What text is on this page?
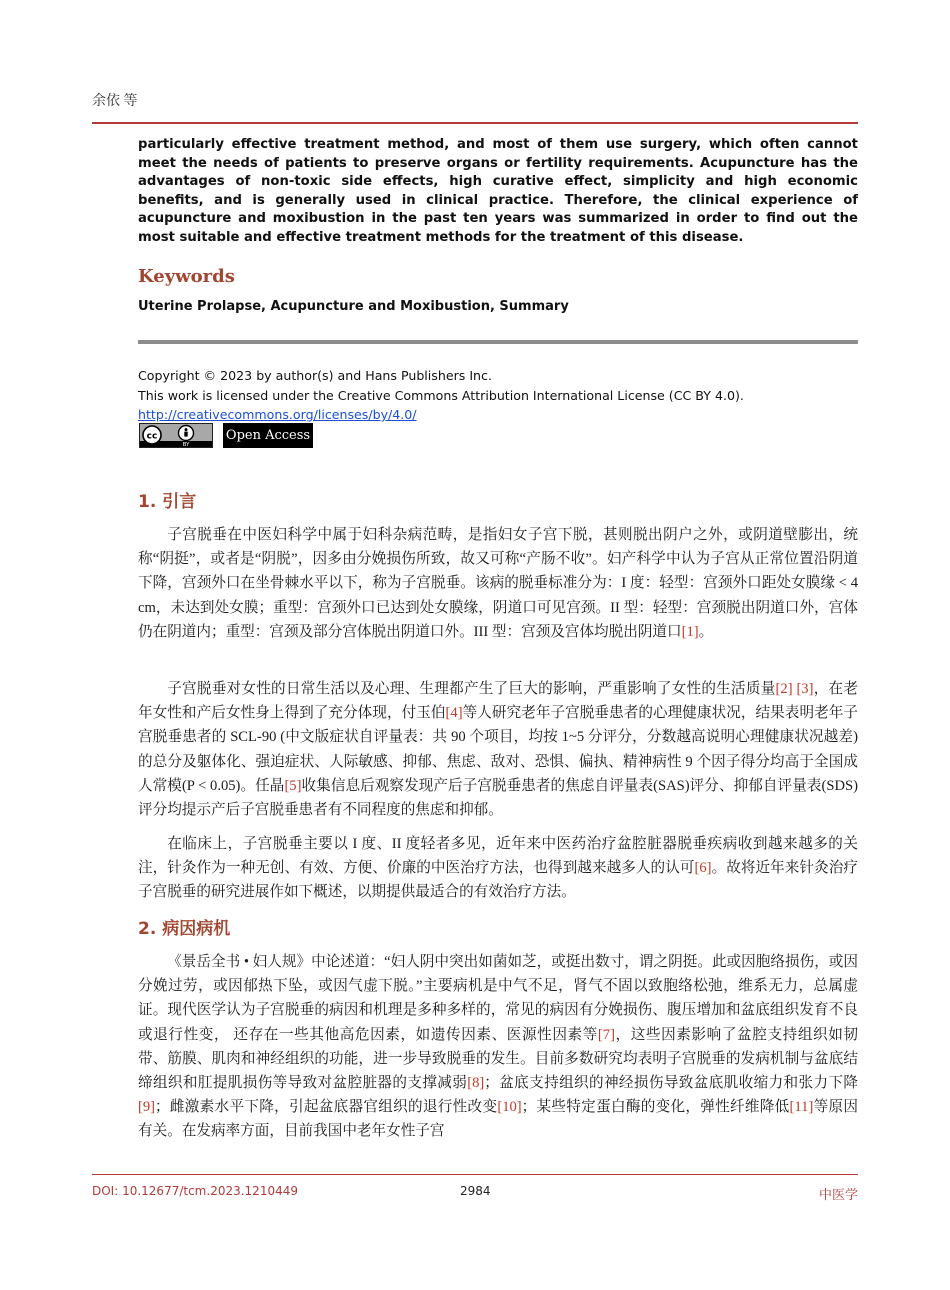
余依 等

particularly effective treatment method, and most of them use surgery, which often cannot meet the needs of patients to preserve organs or fertility requirements. Acupuncture has the advantages of non-toxic side effects, high curative effect, simplicity and high economic benefits, and is generally used in clinical practice. Therefore, the clinical experience of acupuncture and moxibustion in the past ten years was summarized in order to find out the most suitable and effective treatment methods for the treatment of this disease.

Keywords

Uterine Prolapse, Acupuncture and Moxibustion, Summary

Copyright © 2023 by author(s) and Hans Publishers Inc.
This work is licensed under the Creative Commons Attribution International License (CC BY 4.0).
http://creativecommons.org/licenses/by/4.0/
cc
BY
Open Access
1. 引言

子宫脱垂在中医妇科学中属于妇科杂病范畴，是指妇女子宫下脱，甚则脱出阴户之外，或阴道壁膨出，统称“阴挺”，或者是“阴脱”，因多由分娩损伤所致，故又可称“产肠不收”。妇产科学中认为子宫从正常位置沿阴道下降，宫颈外口在坐骨棘水平以下，称为子宫脱垂。该病的脱垂标准分为：I 度：轻型：宫颈外口距处女膜缘 < 4 cm，未达到处女膜；重型：宫颈外口已达到处女膜缘，阴道口可见宫颈。II 型：轻型：宫颈脱出阴道口外，宫体仍在阴道内；重型：宫颈及部分宫体脱出阴道口外。III 型：宫颈及宫体均脱出阴道口[1]。

子宫脱垂对女性的日常生活以及心理、生理都产生了巨大的影响，严重影响了女性的生活质量[2] [3]，在老年女性和产后女性身上得到了充分体现，付玉伯[4]等人研究老年子宫脱垂患者的心理健康状况，结果表明老年子宫脱垂患者的 SCL-90 (中文版症状自评量表：共 90 个项目，均按 1~5 分评分，分数越高说明心理健康状况越差)的总分及躯体化、强迫症状、人际敏感、抑郁、焦虑、敌对、恐惧、偏执、精神病性 9 个因子得分均高于全国成人常模(P < 0.05)。任晶[5]收集信息后观察发现产后子宫脱垂患者的焦虑自评量表(SAS)评分、抑郁自评量表(SDS)评分均提示产后子宫脱垂患者有不同程度的焦虑和抑郁。

在临床上，子宫脱垂主要以 I 度、II 度轻者多见，近年来中医药治疗盆腔脏器脱垂疾病收到越来越多的关注，针灸作为一种无创、有效、方便、价廉的中医治疗方法，也得到越来越多人的认可[6]。故将近年来针灸治疗子宫脱垂的研究进展作如下概述，以期提供最适合的有效治疗方法。

2. 病因病机

《景岳全书 • 妇人规》中论述道：“妇人阴中突出如菌如芝，或挺出数寸，谓之阴挺。此或因胞络损伤，或因分娩过劳，或因郁热下坠，或因气虚下脱。”主要病机是中气不足，肾气不固以致胞络松弛，维系无力，总属虚证。现代医学认为子宫脱垂的病因和机理是多种多样的，常见的病因有分娩损伤、腹压增加和盆底组织发育不良或退行性变， 还存在一些其他高危因素，如遗传因素、医源性因素等[7]，这些因素影响了盆腔支持组织如韧带、筋膜、肌肉和神经组织的功能，进一步导致脱垂的发生。目前多数研究均表明子宫脱垂的发病机制与盆底结缔组织和肛提肌损伤等导致对盆腔脏器的支撑减弱[8]；盆底支持组织的神经损伤导致盆底肌收缩力和张力下降[9]；雌激素水平下降，引起盆底器官组织的退行性改变[10]；某些特定蛋白酶的变化，弹性纤维降低[11]等原因有关。在发病率方面，目前我国中老年女性子宫

DOI: 10.12677/tcm.2023.1210449	2984	中医学
